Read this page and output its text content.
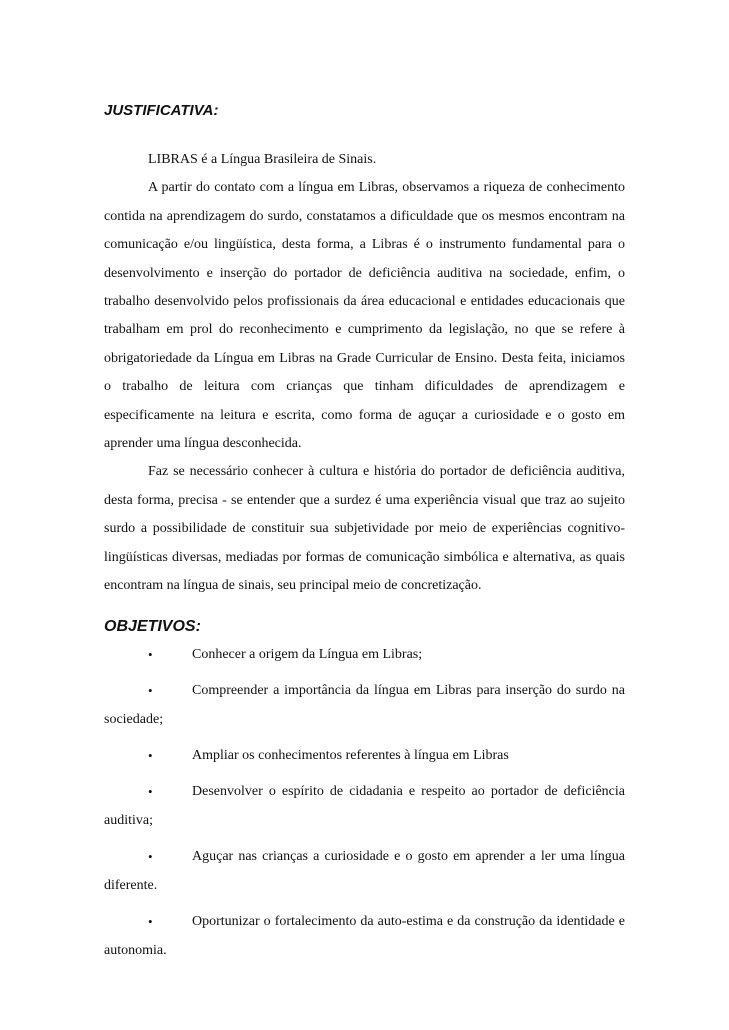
JUSTIFICATIVA:

LIBRAS é a Língua Brasileira de Sinais.

A partir do contato com a língua em Libras, observamos a riqueza de conhecimento contida na aprendizagem do surdo, constatamos a dificuldade que os mesmos encontram na comunicação e/ou lingüística, desta forma, a Libras é o instrumento fundamental para o desenvolvimento e inserção do portador de deficiência auditiva na sociedade, enfim, o trabalho desenvolvido pelos profissionais da área educacional e entidades educacionais que trabalham em prol do reconhecimento e cumprimento da legislação, no que se refere à obrigatoriedade da Língua em Libras na Grade Curricular de Ensino. Desta feita, iniciamos o trabalho de leitura com crianças que tinham dificuldades de aprendizagem e especificamente na leitura e escrita, como forma de aguçar a curiosidade e o gosto em aprender uma língua desconhecida.

Faz se necessário conhecer à cultura e história do portador de deficiência auditiva, desta forma, precisa - se entender que a surdez é uma experiência visual que traz ao sujeito surdo a possibilidade de constituir sua subjetividade por meio de experiências cognitivo-lingüísticas diversas, mediadas por formas de comunicação simbólica e alternativa, as quais encontram na língua de sinais, seu principal meio de concretização.

OBJETIVOS:
•	Conhecer a origem da Língua em Libras;
•	Compreender a importância da língua em Libras para inserção do surdo na sociedade;
•	Ampliar os conhecimentos referentes à língua em Libras
•	Desenvolver o espírito de cidadania e respeito ao portador de deficiência auditiva;
•	Aguçar nas crianças a curiosidade e o gosto em aprender a ler uma língua diferente.
•	Oportunizar o fortalecimento da auto-estima e da construção da identidade e autonomia.
